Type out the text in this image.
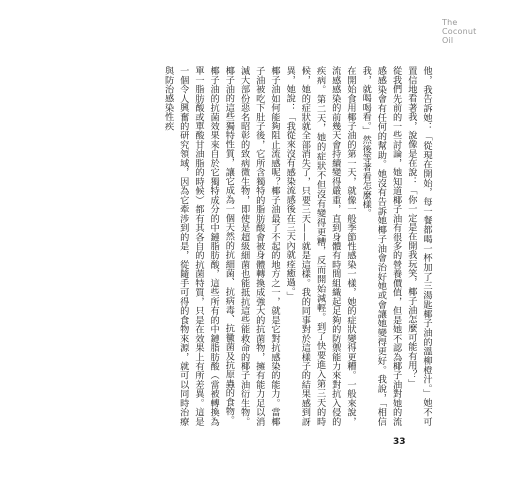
The
Coconut
Oil

他，我告訴她：「從現在開始，每一餐都喝一杯加了三湯匙椰子油的溫柳橙汁。」她不可置信地看著我，說像是在說：「你一定是在開我玩笑，椰子油怎麼可能有用？」

從我們先前的一些討論，她知道椰子油有很多的營養價值，但是她不認為椰子油對她的流感感染會有任何的幫助。她沒有告訴她椰子油會治好她或會讓她變得更好。我說，「相信我，就喝喝看。」然後等著看怎麼樣。

在開始食用椰子油的第一天，就像一般季節性感染一樣，她的症狀變得更糟。一般來說，流感感染的前幾天會持續變得嚴重，直到身體有時間組織起足夠的防禦能力來對抗入侵的疾病。第二天，她的症狀不但沒有變得更糟，反而開始減輕。到了快要進入第三天的時候，她的症狀就全部消失了，只要三天——就是這樣。我的同事對於這樣子的結果感到訝異，她說：「我從來沒有感染流感後在三天內就痊癒過。」

椰子油如何能夠阻止流感呢？椰子油最了不起的地方之一，就是它對抗感染的能力。當椰子油被吃下肚子後，它所含獨特的脂肪酸會被身體轉換成強大的抗菌物，擁有能力足以消滅大部份惡名昭彰的致病微生物，即使是超級細菌也能抵抗這些能救命的椰子油衍生物。椰子油的這些獨特性質，讓它成為一個天然的抗細菌、抗病毒、抗黴菌及抗原蟲的食物。

椰子油的抗菌效果來自於它獨特成分的中鏈脂肪酸，這些所有的中鏈脂肪酸（當被轉換為單一脂肪酸或單酸甘油脂的時候）都有其各自的抗菌特質，只是在效果上有所差異。這是一個令人興奮的研究領域，因為它牽涉到的是，從隨手可得的食物來源，就可以同時治療與防治感染性疾

33
